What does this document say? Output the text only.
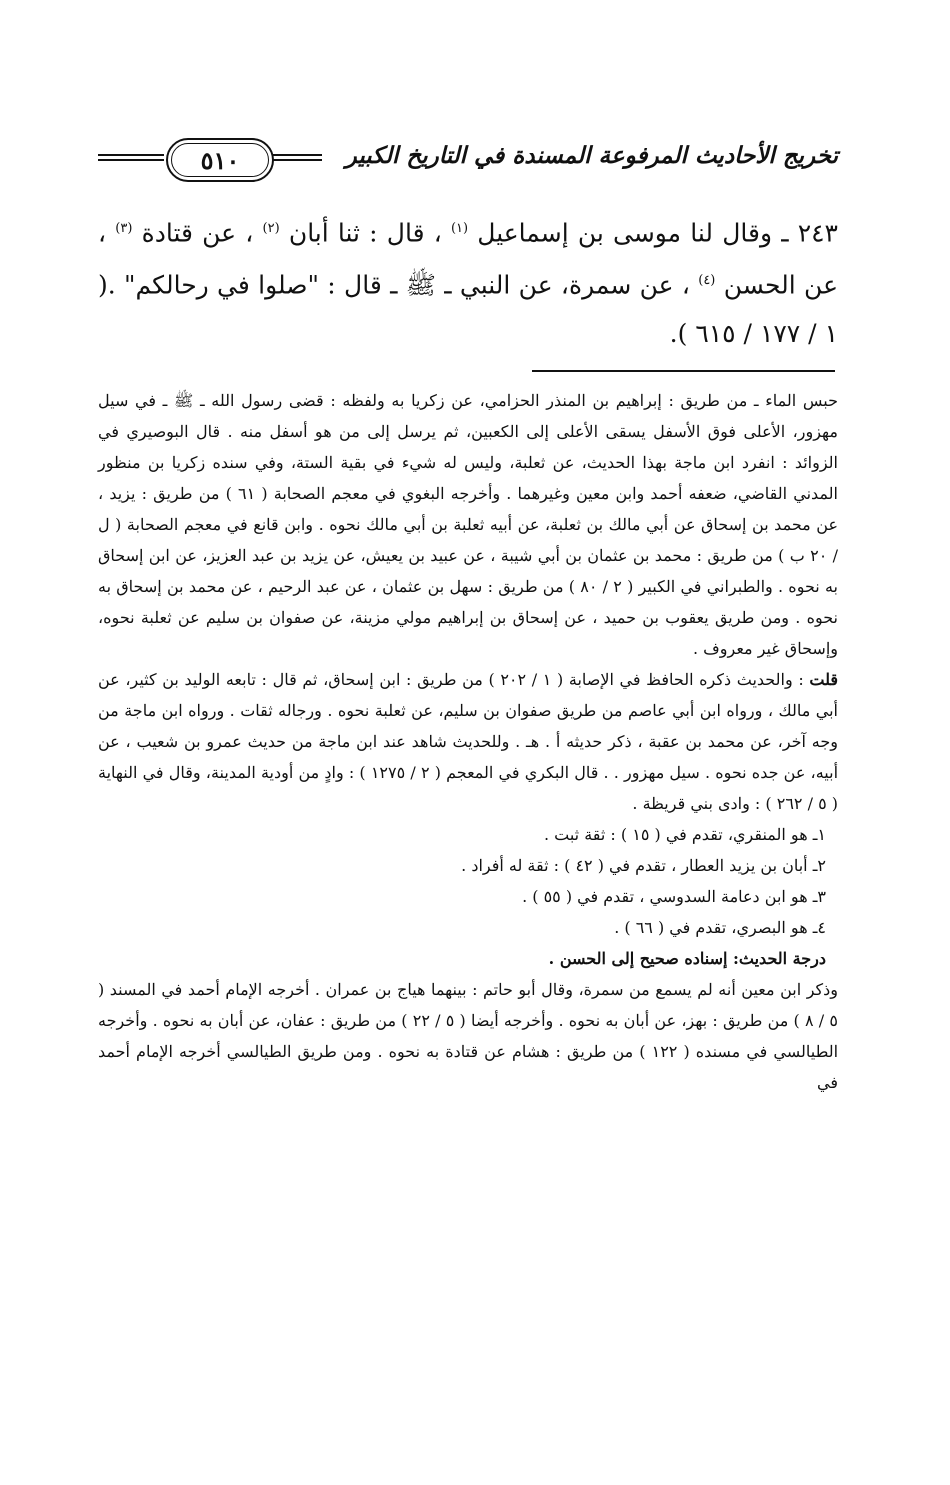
٥١٠	تخريج الأحاديث المرفوعة المسندة في التاريخ الكبير
٢٤٣ ـ وقال لنا موسى بن إسماعيل $^{(١)}$ ، قال : ثنا أبان $^{(٢)}$ ، عن قتادة $^{(٣)}$ ، عن الحسن $^{(٤)}$ ، عن سمرة، عن النبي ـ ﷺ ـ قال : "صلوا في رحالكم" .( ١ / ١٧٧ / ٦١٥ ).

حبس الماء ـ من طريق : إبراهيم بن المنذر الحزامي، عن زكريا به ولفظه : قضى رسول الله ـ ﷺ ـ في سيل مهزور، الأعلى فوق الأسفل يسقى الأعلى إلى الكعبين، ثم يرسل إلى من هو أسفل منه . قال البوصيري في الزوائد : انفرد ابن ماجة بهذا الحديث، عن ثعلبة، وليس له شيء في بقية الستة، وفي سنده زكريا بن منظور المدني القاضي، ضعفه أحمد وابن معين وغيرهما . وأخرجه البغوي في معجم الصحابة ( ٦١ ) من طريق : يزيد ، عن محمد بن إسحاق عن أبي مالك بن ثعلبة، عن أبيه ثعلبة بن أبي مالك نحوه . وابن قانع في معجم الصحابة ( ل / ٢٠ ب ) من طريق : محمد بن عثمان بن أبي شيبة ، عن عبيد بن يعيش، عن يزيد بن عبد العزيز، عن ابن إسحاق به نحوه . والطبراني في الكبير ( ٢ / ٨٠ ) من طريق : سهل بن عثمان ، عن عبد الرحيم ، عن محمد بن إسحاق به نحوه . ومن طريق يعقوب بن حميد ، عن إسحاق بن إبراهيم مولي مزينة، عن صفوان بن سليم عن ثعلبة نحوه، وإسحاق غير معروف .

قلت : والحديث ذكره الحافظ في الإصابة ( ١ / ٢٠٢ ) من طريق : ابن إسحاق، ثم قال : تابعه الوليد بن كثير، عن أبي مالك ، ورواه ابن أبي عاصم من طريق صفوان بن سليم، عن ثعلبة نحوه . ورجاله ثقات . ورواه ابن ماجة من وجه آخر، عن محمد بن عقبة ، ذكر حديثه أ . هـ . وللحديث شاهد عند ابن ماجة من حديث عمرو بن شعيب ، عن أبيه، عن جده نحوه . سيل مهزور . . قال البكري في المعجم ( ٢ / ١٢٧٥ ) : وادٍ من أودية المدينة، وقال في النهاية ( ٥ / ٢٦٢ ) : وادى بني قريظة .

١ـ هو المنقري، تقدم في ( ١٥ ) : ثقة ثبت .

٢ـ أبان بن يزيد العطار ، تقدم في ( ٤٢ ) : ثقة له أفراد .

٣ـ هو ابن دعامة السدوسي ، تقدم في ( ٥٥ ) .

٤ـ هو البصري، تقدم في ( ٦٦ ) .

درجة الحديث: إسناده صحيح إلى الحسن .

وذكر ابن معين أنه لم يسمع من سمرة، وقال أبو حاتم : بينهما هياج بن عمران . أخرجه الإمام أحمد في المسند ( ٥ / ٨ ) من طريق : بهز، عن أبان به نحوه . وأخرجه أيضا ( ٥ / ٢٢ ) من طريق : عفان، عن أبان به نحوه . وأخرجه الطيالسي في مسنده ( ١٢٢ ) من طريق : هشام عن قتادة به نحوه . ومن طريق الطيالسي أخرجه الإمام أحمد في
